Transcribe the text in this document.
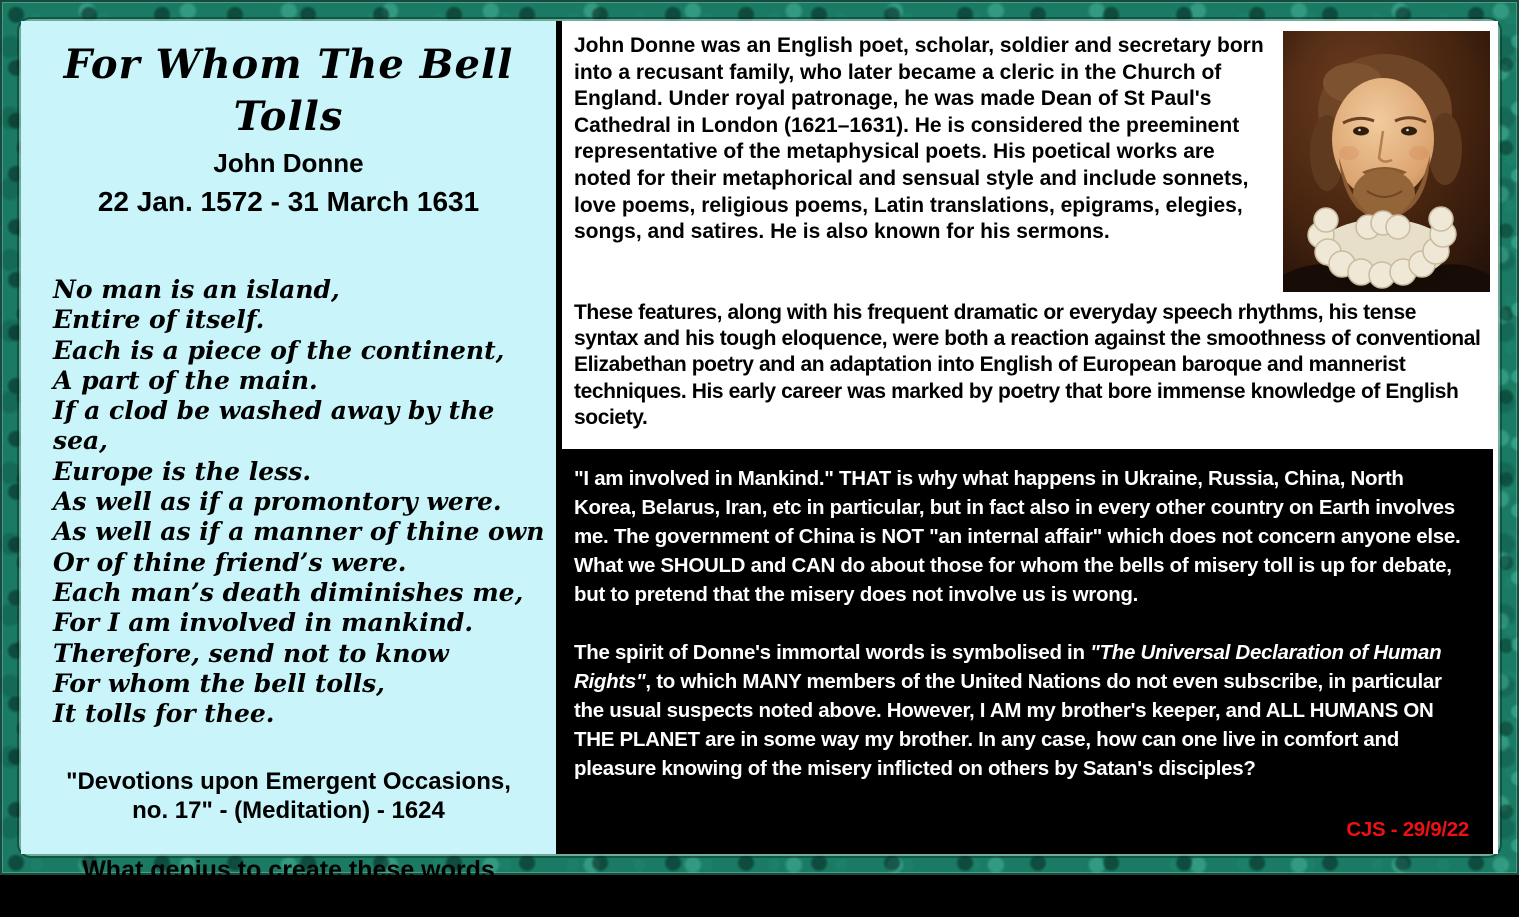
For Whom The Bell Tolls
John Donne
22 Jan. 1572 - 31 March 1631
No man is an island,
Entire of itself.
Each is a piece of the continent,
A part of the main.
If a clod be washed away by the sea,
Europe is the less.
As well as if a promontory were.
As well as if a manner of thine own
Or of thine friend’s were.
Each man’s death diminishes me,
For I am involved in mankind.
Therefore, send not to know
For whom the bell tolls,
It tolls for thee.
"Devotions upon Emergent Occasions,
no. 17" - (Meditation) - 1624
What genius to create these words
of such sublime impact on the soul.
John Donne was an English poet, scholar, soldier and secretary born into a recusant family, who later became a cleric in the Church of England. Under royal patronage, he was made Dean of St Paul's Cathedral in London (1621–1631). He is considered the preeminent representative of the metaphysical poets. His poetical works are noted for their metaphorical and sensual style and include sonnets, love poems, religious poems, Latin translations, epigrams, elegies, songs, and satires. He is also known for his sermons.
These features, along with his frequent dramatic or everyday speech rhythms, his tense syntax and his tough eloquence, were both a reaction against the smoothness of conventional Elizabethan poetry and an adaptation into English of European baroque and mannerist techniques. His early career was marked by poetry that bore immense knowledge of English society.
"I am involved in Mankind." THAT is why what happens in Ukraine, Russia, China, North Korea, Belarus, Iran, etc in particular, but in fact also in every other country on Earth involves me. The government of China is NOT "an internal affair" which does not concern anyone else. What we SHOULD and CAN do about those for whom the bells of misery toll is up for debate, but to pretend that the misery does not involve us is wrong.
The spirit of Donne's immortal words is symbolised in "The Universal Declaration of Human Rights", to which MANY members of the United Nations do not even subscribe, in particular the usual suspects noted above. However, I AM my brother's keeper, and ALL HUMANS ON THE PLANET are in some way my brother. In any case, how can one live in comfort and pleasure knowing of the misery inflicted on others by Satan's disciples?
CJS - 29/9/22
